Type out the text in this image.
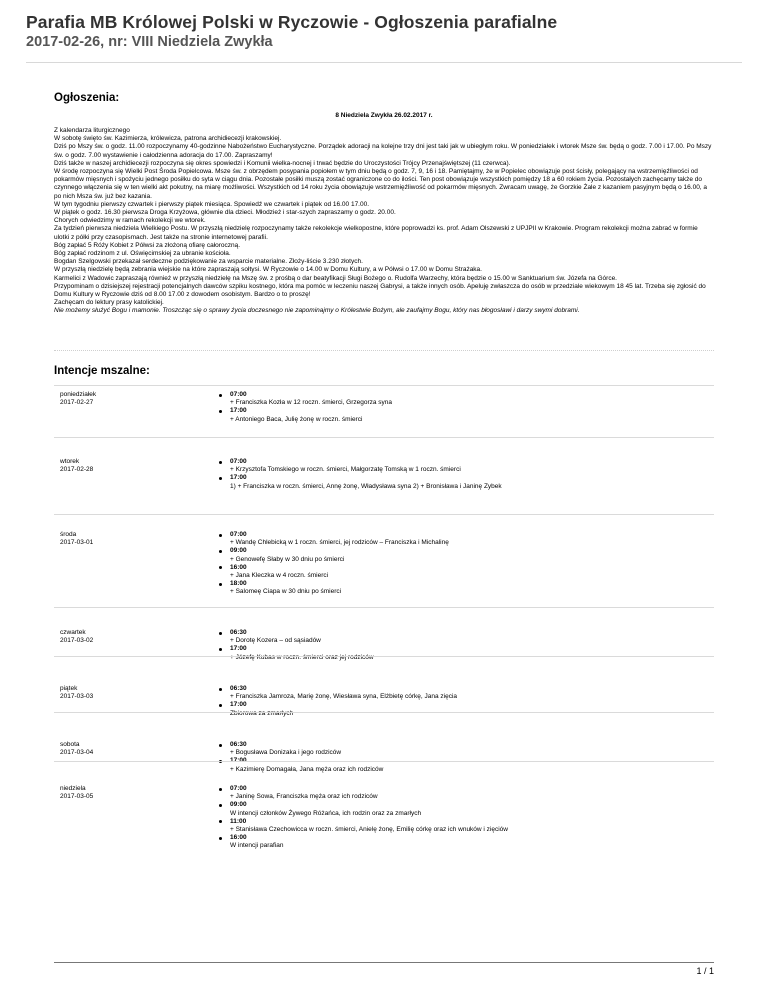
Parafia MB Królowej Polski w Ryczowie - Ogłoszenia parafialne
2017-02-26, nr: VIII Niedziela Zwykła
Ogłoszenia:
8 Niedziela Zwykła 26.02.2017 r.

Z kalendarza liturgicznego

W sobotę święto św. Kazimierza, królewicza, patrona archidiecezji krakowskiej.

Dziś po Mszy św. o godz. 11.00 rozpoczynamy 40-godzinne Nabożeństwo Eucharystyczne. Porządek adoracji na kolejne trzy dni jest taki jak w ubiegłym roku. W poniedziałek i wtorek Msze św. będą o godz. 7.00 i 17.00. Po Mszy św. o godz. 7.00 wystawienie i całodzienna adoracja do 17.00. Zapraszamy!

Dziś także w naszej archidiecezji rozpoczyna się okres spowiedzi i Komunii wielka-nocnej i trwać będzie do Uroczystości Trójcy Przenajświętszej (11 czerwca).

W środę rozpoczyna się Wielki Post Środa Popielcowa. Msze św. z obrzędem posypania popiołem w tym dniu będą o godz. 7, 9, 16 i 18. Pamiętajmy, że w Popielec obowiązuje post ścisły, polegający na wstrzemięźliwości od pokarmów mięsnych i spożyciu jednego posiłku do syta w ciągu dnia. Pozostałe posiłki muszą zostać ograniczone co do ilości. Ten post obowiązuje wszystkich pomiędzy 18 a 60 rokiem życia. Pozostałych zachęcamy także do czynnego włączenia się w ten wielki akt pokutny, na miarę możliwości. Wszystkich od 14 roku życia obowiązuje wstrzemięźliwość od pokarmów mięsnych. Zwracam uwagę, że Gorzkie Żale z kazaniem pasyjnym będą o 16.00, a po nich Msza św. już bez kazania.

W tym tygodniu pierwszy czwartek i pierwszy piątek miesiąca. Spowiedź we czwartek i piątek od 16.00 17.00.

W piątek o godz. 16.30 pierwsza Droga Krzyżowa, głównie dla dzieci. Młodzież i star-szych zapraszamy o godz. 20.00.

Chorych odwiedzimy w ramach rekolekcji we wtorek.

Za tydzień pierwsza niedziela Wielkiego Postu. W przyszłą niedzielę rozpoczynamy także rekolekcje wielkopostne, które poprowadzi ks. prof. Adam Olszewski z UPJPII w Krakowie. Program rekolekcji można zabrać w formie ulotki z półki przy czasopismach. Jest także na stronie internetowej parafii.

Bóg zapłać 5 Róży Kobiet z Półwsi za złożoną ofiarę całoroczną.

Bóg zapłać rodzinom z ul. Oświęcimskiej za ubranie kościoła.

Bogdan Szelgowski przekazał serdeczne podziękowanie za wsparcie materialne. Złoży-liście 3.230 złotych.

W przyszłą niedzielę będą zebrania wiejskie na które zapraszają sołtysi. W Ryczowie o 14.00 w Domu Kultury, a w Półwsi o 17.00 w Domu Strażaka.

Karmelici z Wadowic zapraszają również w przyszłą niedzielę na Mszę św. z prośbą o dar beatyfikacji Sługi Bożego o. Rudolfa Warzechy, która będzie o 15.00 w Sanktuarium św. Józefa na Górce.

Przypominam o dzisiejszej rejestracji potencjalnych dawców szpiku kostnego, która ma pomóc w leczeniu naszej Gabrysi, a także innych osób. Apeluję zwłaszcza do osób w przedziale wiekowym 18 45 lat. Trzeba się zgłosić do Domu Kultury w Ryczowie dziś od 8.00 17.00 z dowodem osobistym. Bardzo o to proszę!

Zachęcam do lektury prasy katolickiej.

Nie możemy służyć Bogu i mamonie. Troszcząc się o sprawy życia doczesnego nie zapominajmy o Królestwie Bożym, ale zaufajmy Bogu, który nas błogosławi i darzy swymi dobrami.

Intencje mszalne:
poniedziałek
2017-02-27
07:00
+ Franciszka Kozła w 12 roczn. śmierci, Grzegorza syna
17:00
+ Antoniego Baca, Julię żonę w roczn. śmierci
wtorek
2017-02-28
07:00
+ Krzysztofa Tomskiego w roczn. śmierci, Małgorzatę Tomską w 1 roczn. śmierci
17:00
1) + Franciszka w roczn. śmierci, Annę żonę, Władysława syna 2) + Bronisława i Janinę Zybek
środa
2017-03-01
07:00
+ Wandę Chlebicką w 1 roczn. śmierci, jej rodziców – Franciszka i Michalinę
09:00
+ Genowefę Słaby w 30 dniu po śmierci
16:00
+ Jana Kleczka w 4 roczn. śmierci
18:00
+ Salomeę Ciapa w 30 dniu po śmierci
czwartek
2017-03-02
06:30
+ Dorotę Kozera – od sąsiadów
17:00
+ Józefę Kubas w roczn. śmierci oraz jej rodziców
piątek
2017-03-03
06:30
+ Franciszka Jamroza, Marię żonę, Wiesława syna, Elżbietę córkę, Jana zięcia
17:00
Zbiorowa za zmarłych
sobota
2017-03-04
06:30
+ Bogusława Donizaka i jego rodziców
17:00
+ Kazimierę Domagała, Jana męża oraz ich rodziców
niedziela
2017-03-05
07:00
+ Janinę Sowa, Franciszka męża oraz ich rodziców
09:00
W intencji członków Żywego Różańca, ich rodzin oraz za zmarłych
11:00
+ Stanisława Czechowicca w roczn. śmierci, Anielę żonę, Emilię córkę oraz ich wnuków i zięciów
16:00
W intencji parafian
1 / 1
